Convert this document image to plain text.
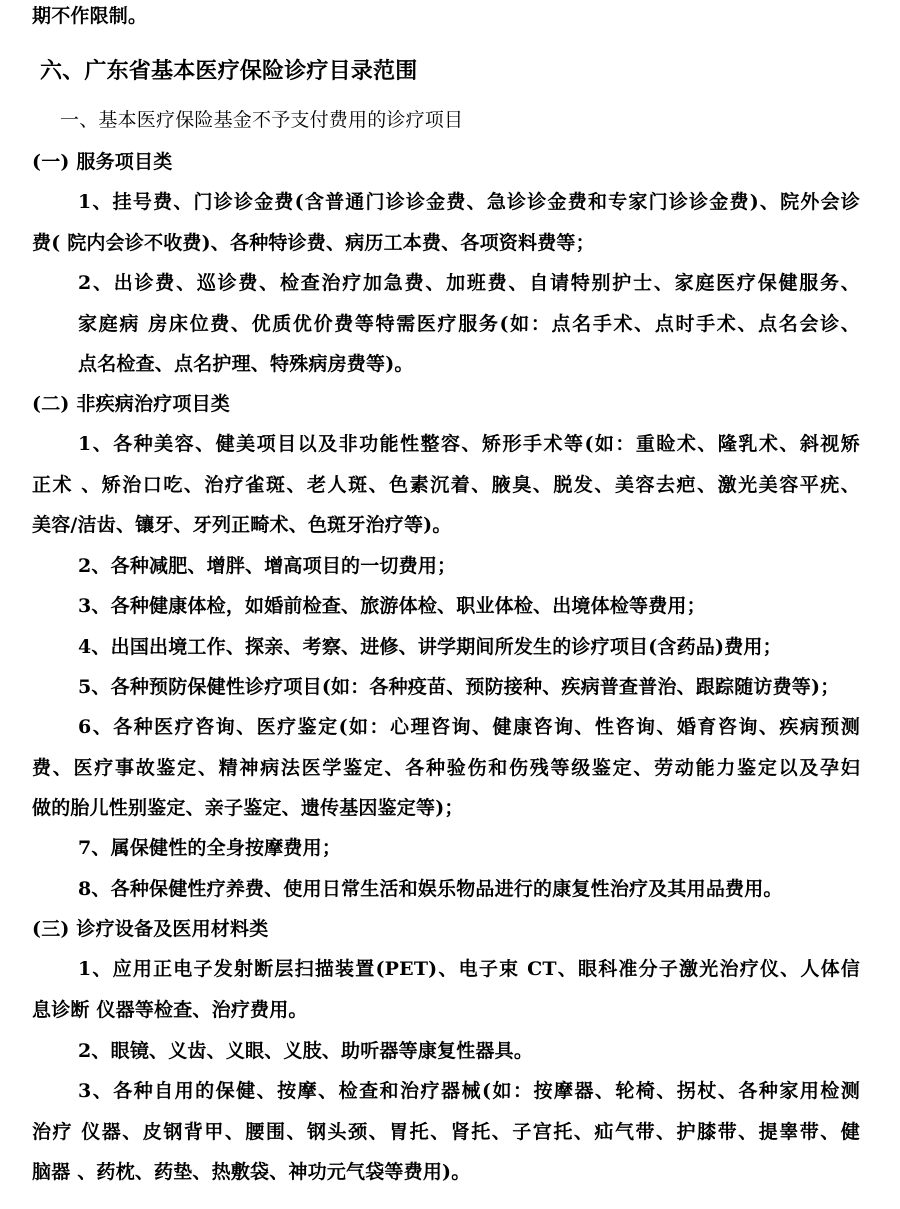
期不作限制。
六、广东省基本医疗保险诊疗目录范围
一、基本医疗保险基金不予支付费用的诊疗项目
(一) 服务项目类
1、挂号费、门诊诊金费(含普通门诊诊金费、急诊诊金费和专家门诊诊金费)、院外会诊
费( 院内会诊不收费)、各种特诊费、病历工本费、各项资料费等；
2、出诊费、巡诊费、检查治疗加急费、加班费、自请特别护士、家庭医疗保健服务、
家庭病 房床位费、优质优价费等特需医疗服务(如：点名手术、点时手术、点名会诊、
点名检查、点名护理、特殊病房费等)。
(二) 非疾病治疗项目类
1、各种美容、健美项目以及非功能性整容、矫形手术等(如：重睑术、隆乳术、斜视矫
正术 、矫治口吃、治疗雀斑、老人斑、色素沉着、腋臭、脱发、美容去疤、激光美容平疣、
美容/洁齿、镶牙、牙列正畸术、色斑牙治疗等)。
2、各种减肥、增胖、增高项目的一切费用；
3、各种健康体检，如婚前检查、旅游体检、职业体检、出境体检等费用；
4、出国出境工作、探亲、考察、进修、讲学期间所发生的诊疗项目(含药品)费用；
5、各种预防保健性诊疗项目(如：各种疫苗、预防接种、疾病普查普治、跟踪随访费等)；
6、各种医疗咨询、医疗鉴定(如：心理咨询、健康咨询、性咨询、婚育咨询、疾病预测
费、医疗事故鉴定、精神病法医学鉴定、各种验伤和伤残等级鉴定、劳动能力鉴定以及孕妇
做的胎儿性别鉴定、亲子鉴定、遗传基因鉴定等)；
7、属保健性的全身按摩费用；
8、各种保健性疗养费、使用日常生活和娱乐物品进行的康复性治疗及其用品费用。
(三) 诊疗设备及医用材料类
1、应用正电子发射断层扫描装置(PET)、电子束 CT、眼科准分子激光治疗仪、人体信
息诊断 仪器等检查、治疗费用。
2、眼镜、义齿、义眼、义肢、助听器等康复性器具。
3、各种自用的保健、按摩、检查和治疗器械(如：按摩器、轮椅、拐杖、各种家用检测
治疗 仪器、皮钢背甲、腰围、钢头颈、胃托、肾托、子宫托、疝气带、护膝带、提睾带、健
脑器 、药枕、药垫、热敷袋、神功元气袋等费用)。
